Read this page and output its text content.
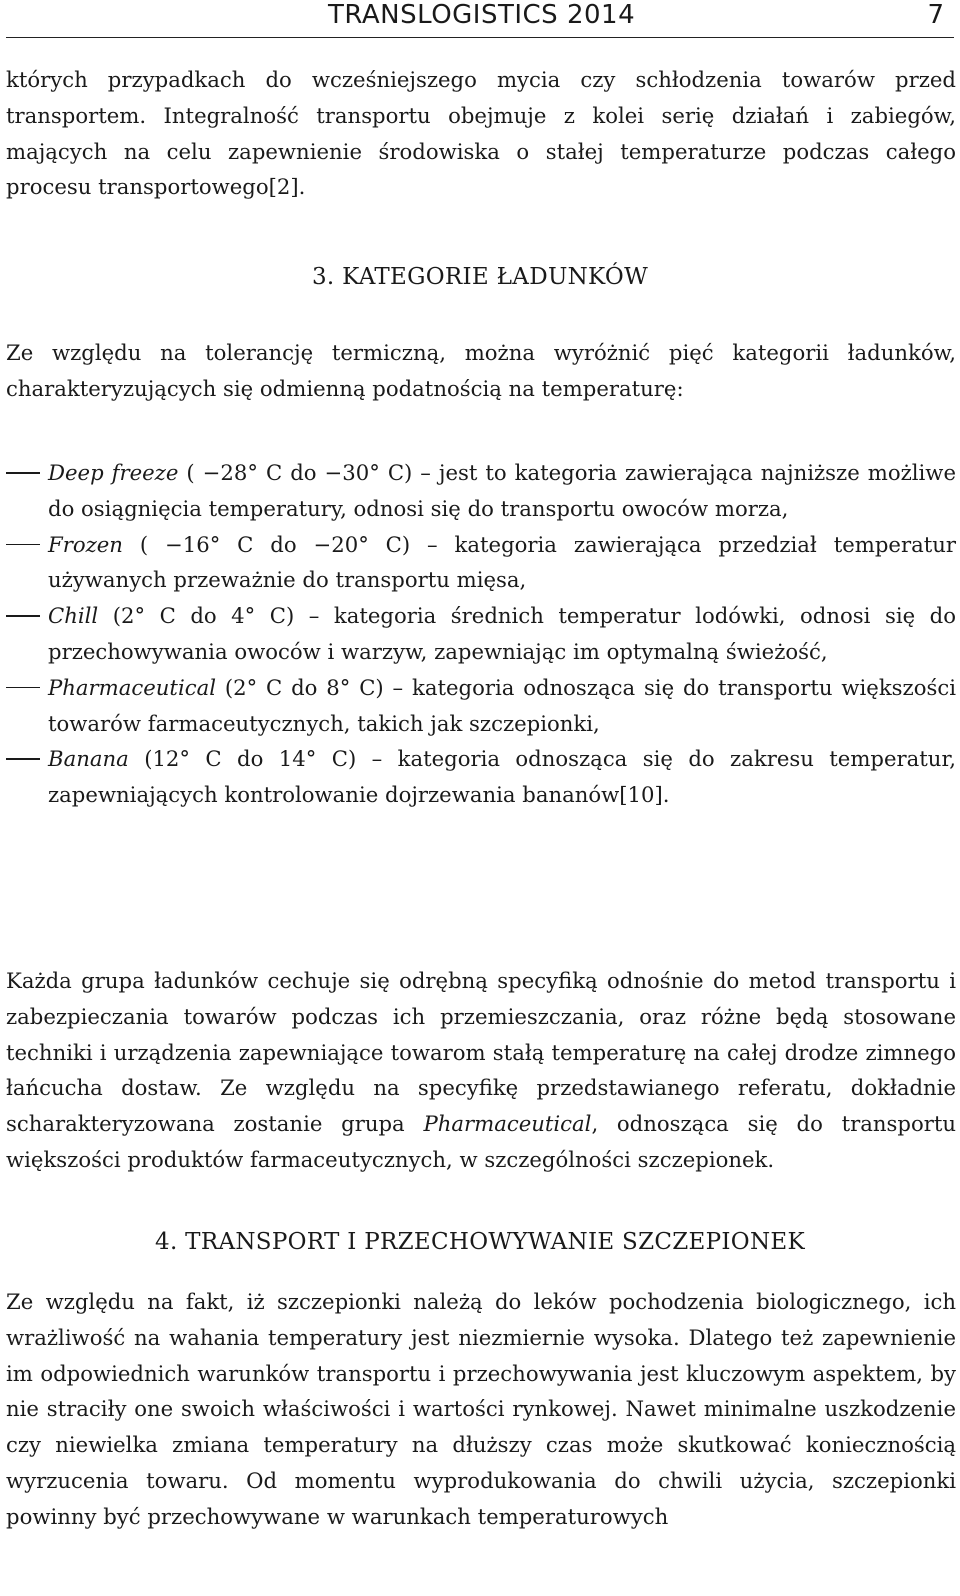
TRANSLOGISTICS 2014	7

których przypadkach do wcześniejszego mycia czy schłodzenia towarów przed transportem. Integralność transportu obejmuje z kolei serię działań i zabiegów, mających na celu zapewnienie środowiska o stałej temperaturze podczas całego procesu transportowego[2].

3. KATEGORIE ŁADUNKÓW

Ze względu na tolerancję termiczną, można wyróżnić pięć kategorii ładunków, charakteryzujących się odmienną podatnością na temperaturę:

Deep freeze ( −28° C do −30° C) – jest to kategoria zawierająca najniższe możliwe do osiągnięcia temperatury, odnosi się do transportu owoców morza,
Frozen ( −16° C do −20° C) – kategoria zawierająca przedział temperatur używanych przeważnie do transportu mięsa,
Chill (2° C do 4° C) – kategoria średnich temperatur lodówki, odnosi się do przechowywania owoców i warzyw, zapewniając im optymalną świeżość,
Pharmaceutical (2° C do 8° C) – kategoria odnosząca się do transportu większości towarów farmaceutycznych, takich jak szczepionki,
Banana (12° C do 14° C) – kategoria odnosząca się do zakresu temperatur, zapewniających kontrolowanie dojrzewania bananów[10].

Każda grupa ładunków cechuje się odrębną specyfiką odnośnie do metod transportu i zabezpieczania towarów podczas ich przemieszczania, oraz różne będą stosowane techniki i urządzenia zapewniające towarom stałą temperaturę na całej drodze zimnego łańcucha dostaw. Ze względu na specyfikę przedstawianego referatu, dokładnie scharakteryzowana zostanie grupa Pharmaceutical, odnosząca się do transportu większości produktów farmaceutycznych, w szczególności szczepionek.

4. TRANSPORT I PRZECHOWYWANIE SZCZEPIONEK

Ze względu na fakt, iż szczepionki należą do leków pochodzenia biologicznego, ich wrażliwość na wahania temperatury jest niezmiernie wysoka. Dlatego też zapewnienie im odpowiednich warunków transportu i przechowywania jest kluczowym aspektem, by nie straciły one swoich właściwości i wartości rynkowej. Nawet minimalne uszkodzenie czy niewielka zmiana temperatury na dłuższy czas może skutkować koniecznością wyrzucenia towaru. Od momentu wyprodukowania do chwili użycia, szczepionki powinny być przechowywane w warunkach temperaturowych
